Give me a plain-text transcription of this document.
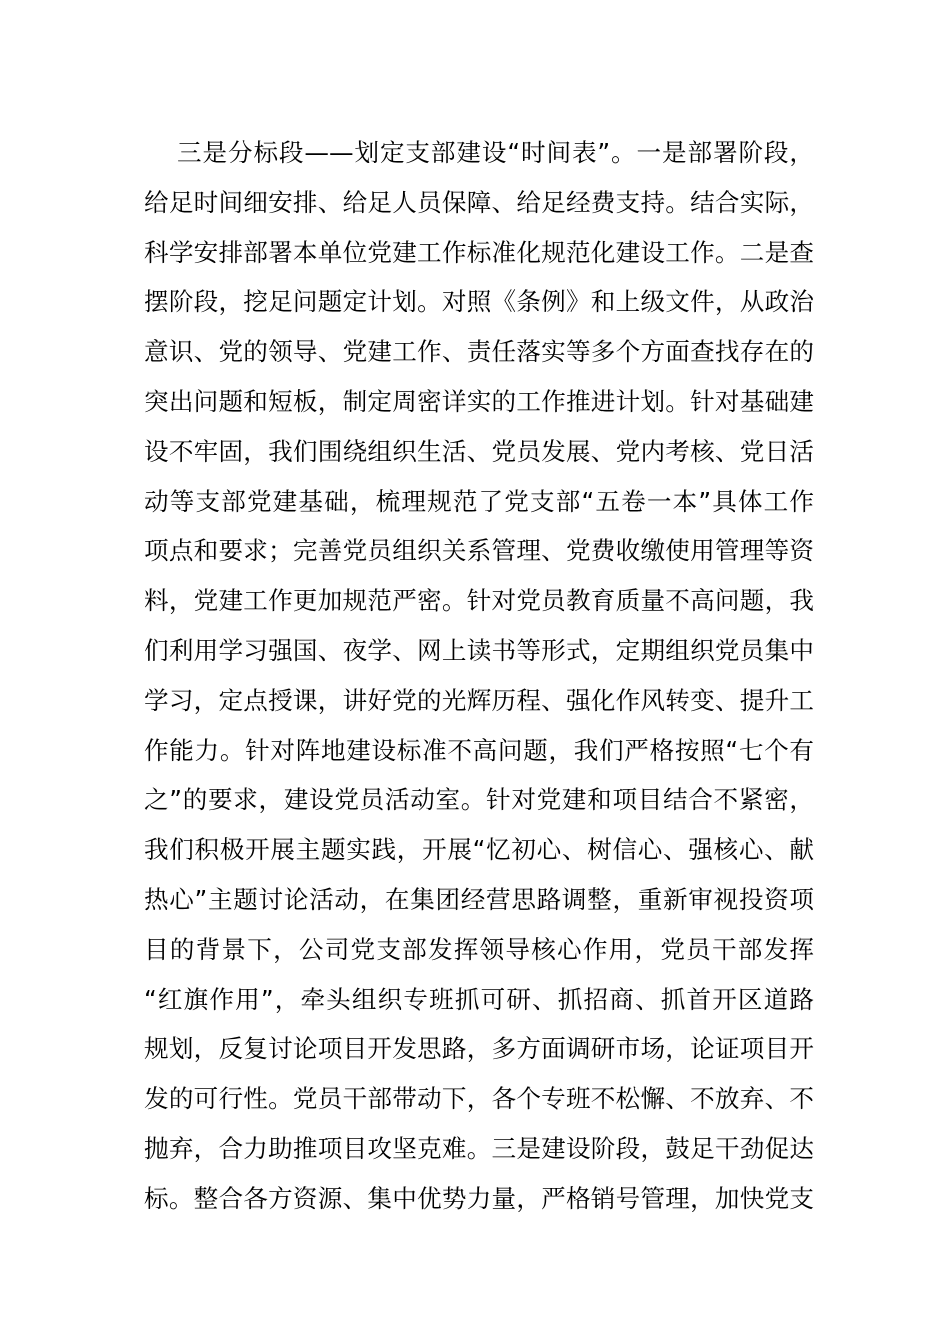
三是分标段——划定支部建设“时间表”。一是部署阶段，
给足时间细安排、给足人员保障、给足经费支持。结合实际，
科学安排部署本单位党建工作标准化规范化建设工作。二是查
摆阶段，挖足问题定计划。对照《条例》和上级文件，从政治
意识、党的领导、党建工作、责任落实等多个方面查找存在的
突出问题和短板，制定周密详实的工作推进计划。针对基础建
设不牢固，我们围绕组织生活、党员发展、党内考核、党日活
动等支部党建基础，梳理规范了党支部“五卷一本”具体工作
项点和要求；完善党员组织关系管理、党费收缴使用管理等资
料，党建工作更加规范严密。针对党员教育质量不高问题，我
们利用学习强国、夜学、网上读书等形式，定期组织党员集中
学习，定点授课，讲好党的光辉历程、强化作风转变、提升工
作能力。针对阵地建设标准不高问题，我们严格按照“七个有
之”的要求，建设党员活动室。针对党建和项目结合不紧密，
我们积极开展主题实践，开展“忆初心、树信心、强核心、献
热心”主题讨论活动，在集团经营思路调整，重新审视投资项
目的背景下，公司党支部发挥领导核心作用，党员干部发挥
“红旗作用”，牵头组织专班抓可研、抓招商、抓首开区道路
规划，反复讨论项目开发思路，多方面调研市场，论证项目开
发的可行性。党员干部带动下，各个专班不松懈、不放弃、不
抛弃，合力助推项目攻坚克难。三是建设阶段，鼓足干劲促达
标。整合各方资源、集中优势力量，严格销号管理，加快党支
